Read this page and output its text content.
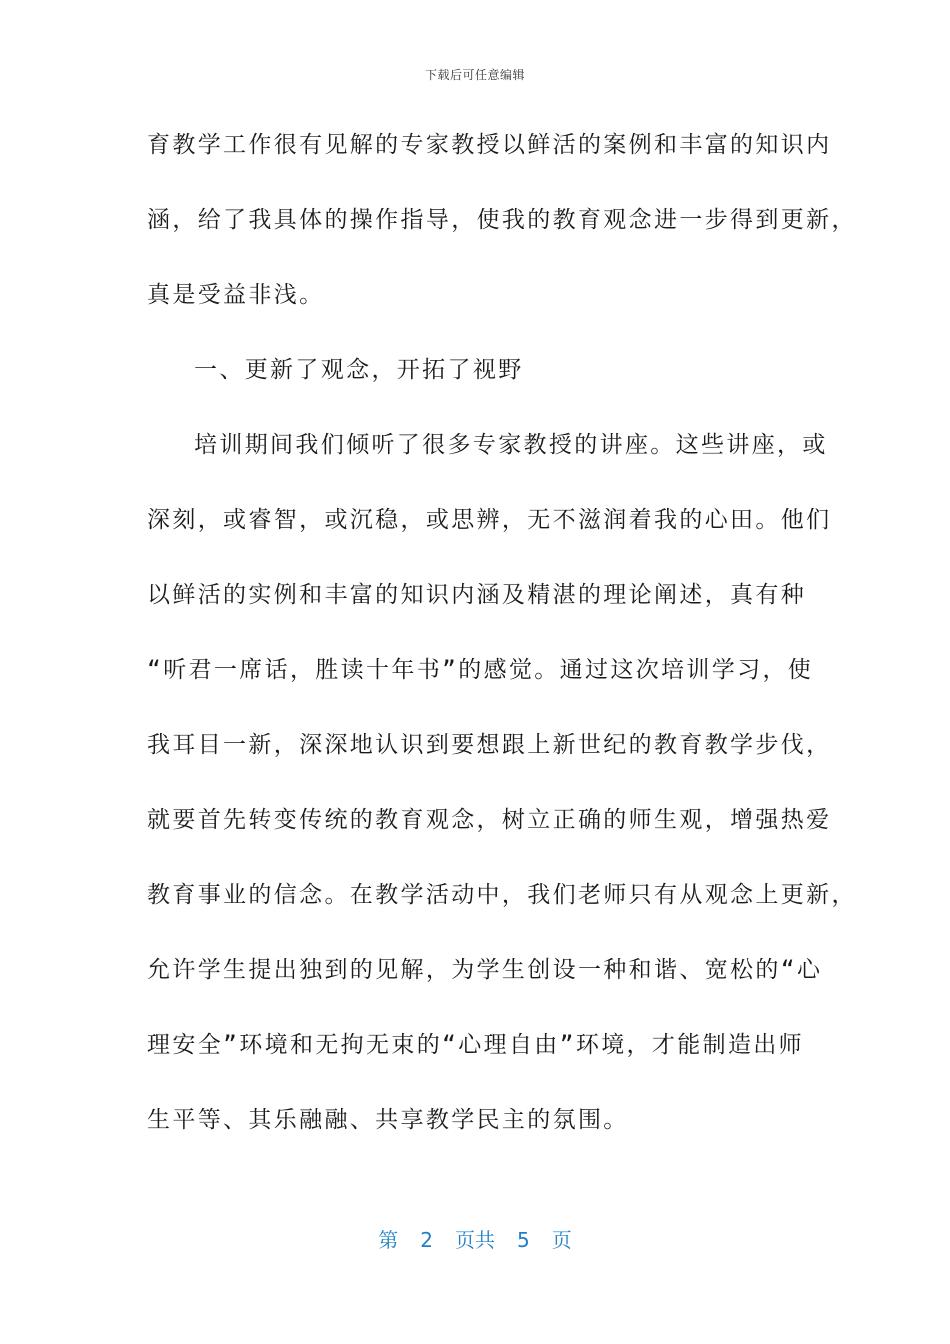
下载后可任意编辑
育教学工作很有见解的专家教授以鲜活的案例和丰富的知识内
涵，给了我具体的操作指导，使我的教育观念进一步得到更新，
真是受益非浅。
一、更新了观念，开拓了视野
培训期间我们倾听了很多专家教授的讲座。这些讲座，或
深刻，或睿智，或沉稳，或思辨，无不滋润着我的心田。他们
以鲜活的实例和丰富的知识内涵及精湛的理论阐述，真有种
“听君一席话，胜读十年书”的感觉。通过这次培训学习，使
我耳目一新，深深地认识到要想跟上新世纪的教育教学步伐，
就要首先转变传统的教育观念，树立正确的师生观，增强热爱
教育事业的信念。在教学活动中，我们老师只有从观念上更新，
允许学生提出独到的见解，为学生创设一种和谐、宽松的“心
理安全”环境和无拘无束的“心理自由”环境，才能制造出师
生平等、其乐融融、共享教学民主的氛围。
第 2 页共 5 页
